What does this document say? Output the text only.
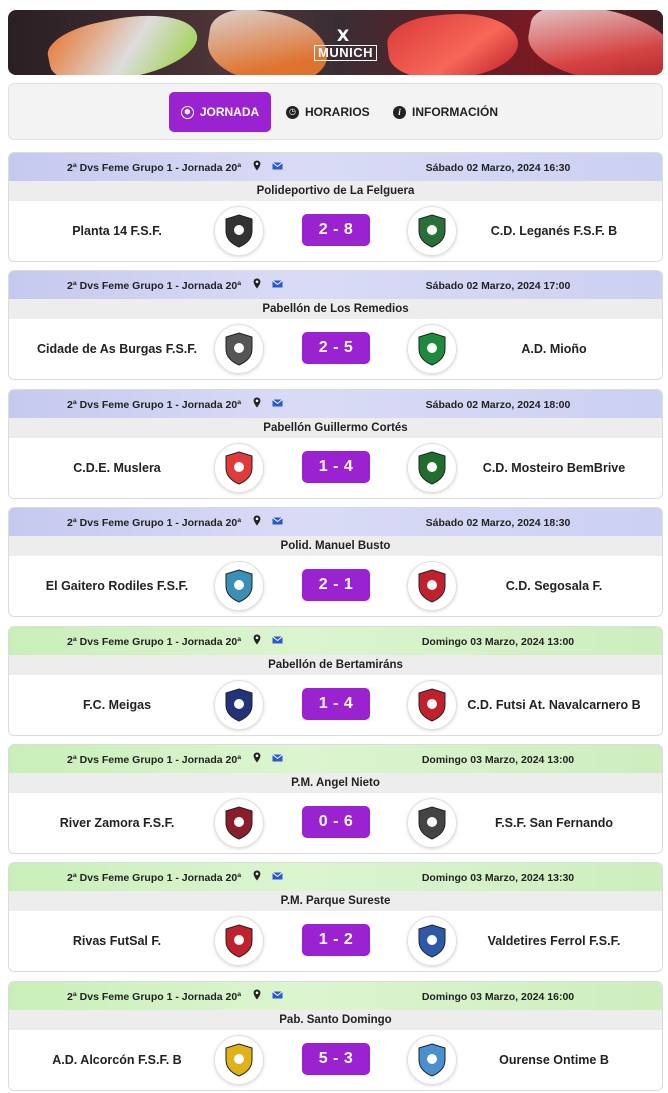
X
MUNICH
⬢ JORNADA	◷ HORARIOS	i INFORMACIÓN
2ª Dvs Feme Grupo 1 - Jornada 20ª	Sábado 02 Marzo, 2024 16:30
Polideportivo de La Felguera
Planta 14 F.S.F.	2 - 8	C.D. Leganés F.S.F. B
2ª Dvs Feme Grupo 1 - Jornada 20ª	Sábado 02 Marzo, 2024 17:00
Pabellón de Los Remedios
Cidade de As Burgas F.S.F.	2 - 5	A.D. Mioño
2ª Dvs Feme Grupo 1 - Jornada 20ª	Sábado 02 Marzo, 2024 18:00
Pabellón Guillermo Cortés
C.D.E. Muslera	1 - 4	C.D. Mosteiro BemBrive
2ª Dvs Feme Grupo 1 - Jornada 20ª	Sábado 02 Marzo, 2024 18:30
Polid. Manuel Busto
El Gaitero Rodiles F.S.F.	2 - 1	C.D. Segosala F.
2ª Dvs Feme Grupo 1 - Jornada 20ª	Domingo 03 Marzo, 2024 13:00
Pabellón de Bertamiráns
F.C. Meigas	1 - 4	C.D. Futsi At. Navalcarnero B
2ª Dvs Feme Grupo 1 - Jornada 20ª	Domingo 03 Marzo, 2024 13:00
P.M. Angel Nieto
River Zamora F.S.F.	0 - 6	F.S.F. San Fernando
2ª Dvs Feme Grupo 1 - Jornada 20ª	Domingo 03 Marzo, 2024 13:30
P.M. Parque Sureste
Rivas FutSal F.	1 - 2	Valdetires Ferrol F.S.F.
2ª Dvs Feme Grupo 1 - Jornada 20ª	Domingo 03 Marzo, 2024 16:00
Pab. Santo Domingo
A.D. Alcorcón F.S.F. B	5 - 3	Ourense Ontime B
